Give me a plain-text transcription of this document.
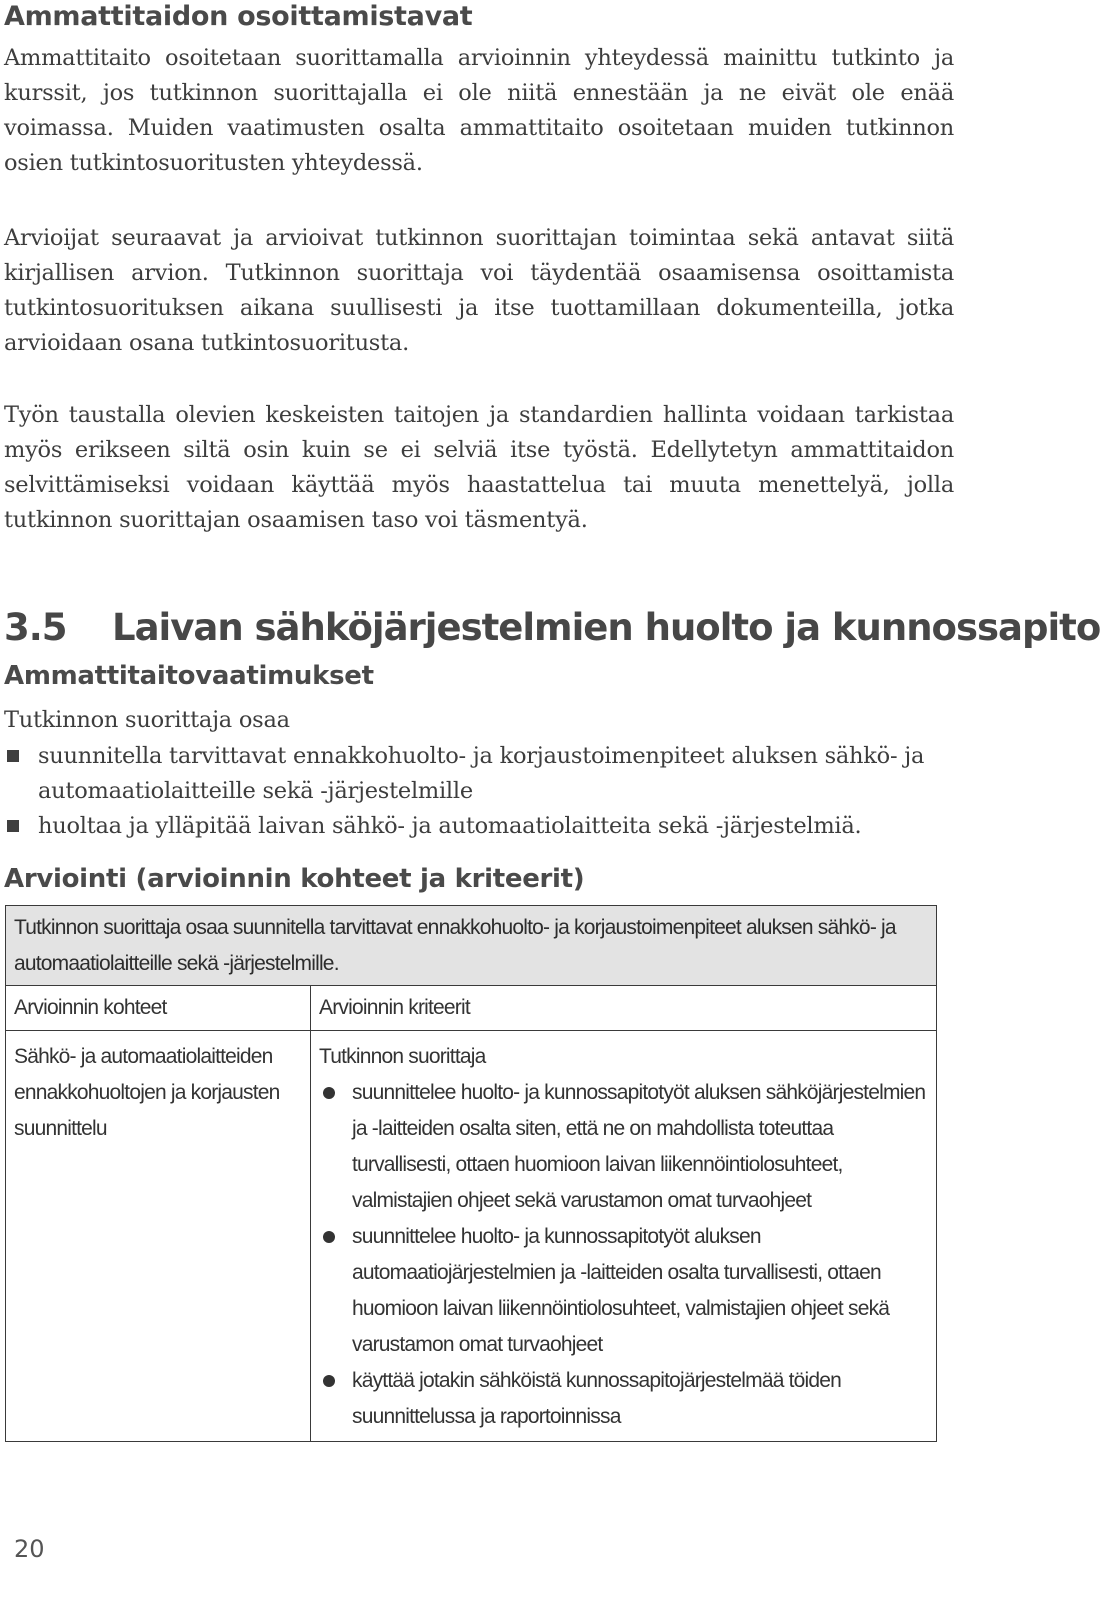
Ammattitaidon osoittamistavat
Ammattitaito osoitetaan suorittamalla arvioinnin yhteydessä mainittu tutkinto ja kurssit, jos tutkinnon suorittajalla ei ole niitä ennestään ja ne eivät ole enää voimassa. Muiden vaatimusten osalta ammattitaito osoitetaan muiden tutkinnon osien tutkintosuoritusten yhteydessä.
Arvioijat seuraavat ja arvioivat tutkinnon suorittajan toimintaa sekä antavat siitä kirjallisen arvion. Tutkinnon suorittaja voi täydentää osaamisensa osoittamista tutkintosuorituksen aikana suullisesti ja itse tuottamillaan dokumenteilla, jotka arvioidaan osana tutkintosuoritusta.
Työn taustalla olevien keskeisten taitojen ja standardien hallinta voidaan tarkistaa myös erikseen siltä osin kuin se ei selviä itse työstä. Edellytetyn ammattitaidon selvittämiseksi voidaan käyttää myös haastattelua tai muuta menettelyä, jolla tutkinnon suorittajan osaamisen taso voi täsmentyä.
3.5 Laivan sähköjärjestelmien huolto ja kunnossapito
Ammattitaitovaatimukset
Tutkinnon suorittaja osaa
suunnitella tarvittavat ennakkohuolto- ja korjaustoimenpiteet aluksen sähkö- ja automaatiolaitteille sekä -järjestelmille
huoltaa ja ylläpitää laivan sähkö- ja automaatiolaitteita sekä -järjestelmiä.
Arviointi (arvioinnin kohteet ja kriteerit)
Tutkinnon suorittaja osaa suunnitella tarvittavat ennakkohuolto- ja korjaustoimenpiteet aluksen sähkö- ja automaatiolaitteille sekä -järjestelmille.
Arvioinnin kohteet	Arvioinnin kriteerit
Sähkö- ja automaatiolaitteiden ennakkohuoltojen ja korjausten suunnittelu
Tutkinnon suorittaja
suunnittelee huolto- ja kunnossapitotyöt aluksen sähköjärjestelmien ja -laitteiden osalta siten, että ne on mahdollista toteuttaa turvallisesti, ottaen huomioon laivan liikennöintiolosuhteet, valmistajien ohjeet sekä varustamon omat turvaohjeet
suunnittelee huolto- ja kunnossapitotyöt aluksen automaatiojärjestelmien ja -laitteiden osalta turvallisesti, ottaen huomioon laivan liikennöintiolosuhteet, valmistajien ohjeet sekä varustamon omat turvaohjeet
käyttää jotakin sähköistä kunnossapitojärjestelmää töiden suunnittelussa ja raportoinnissa
20
